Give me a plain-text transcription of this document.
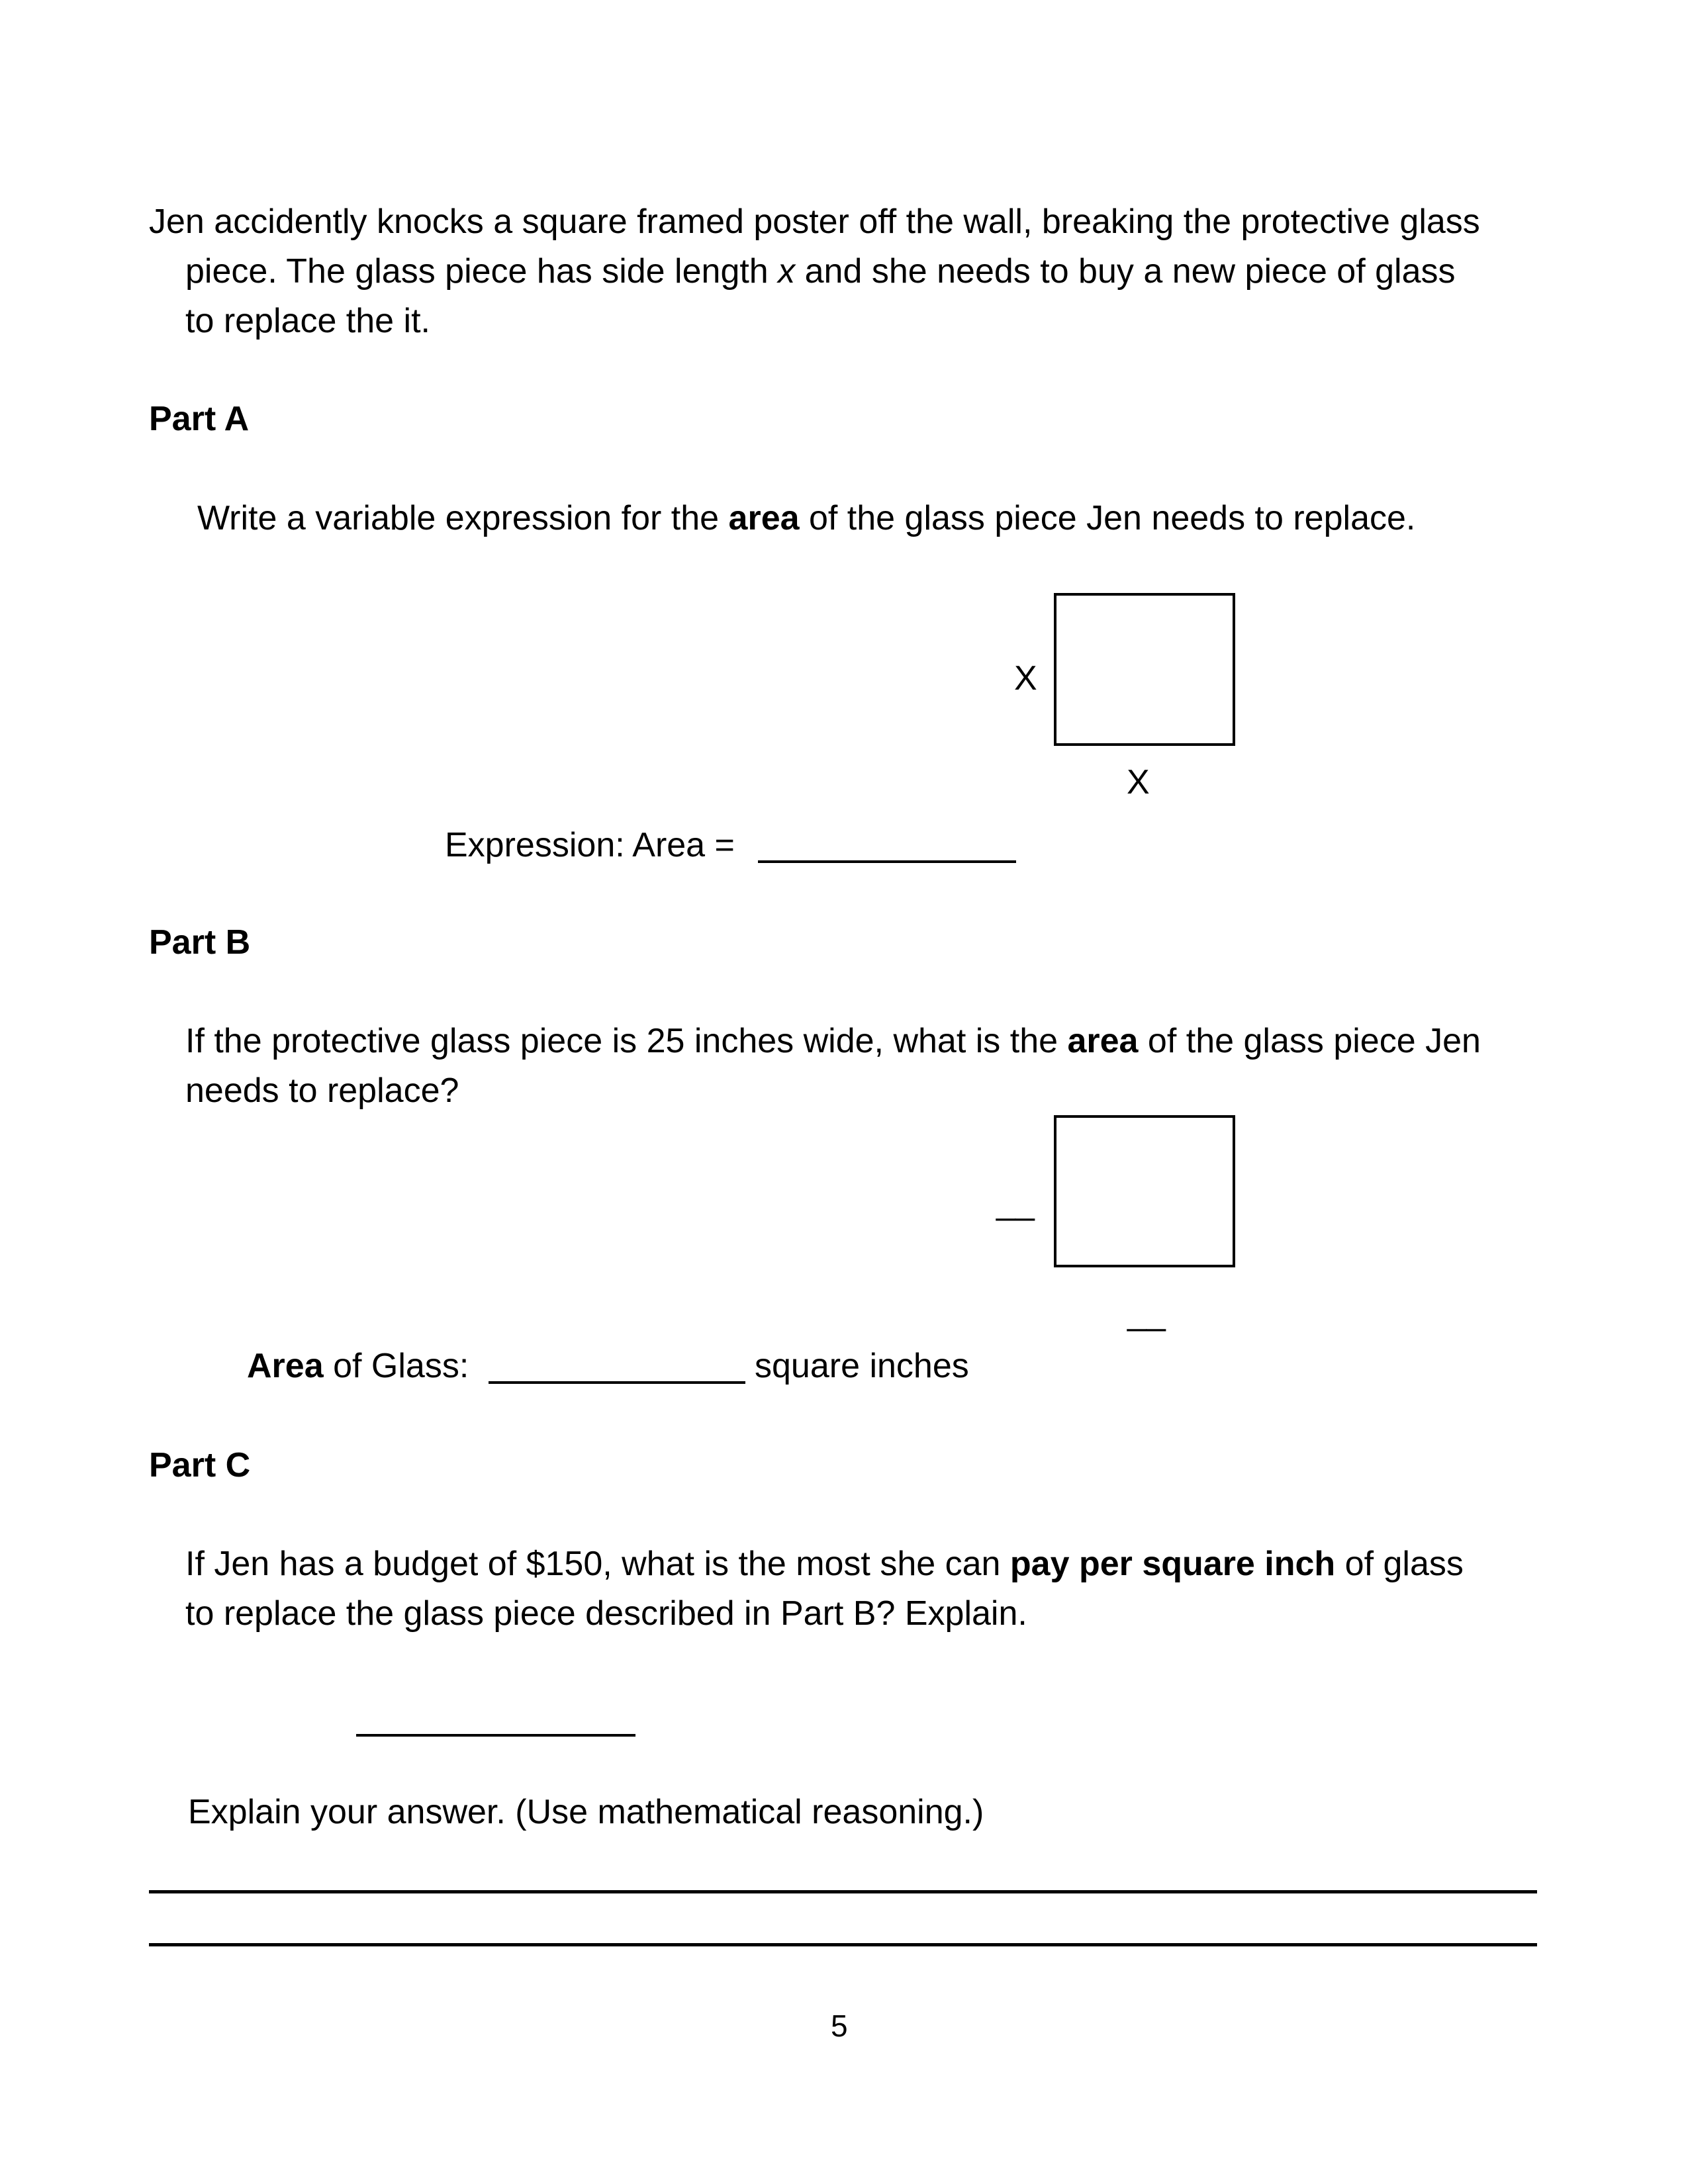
Jen accidently knocks a square framed poster off the wall, breaking the protective glass
piece. The glass piece has side length x and she needs to buy a new piece of glass
to replace the it.
Part A
Write a variable expression for the area of the glass piece Jen needs to replace.
X
X
Expression: Area =
Part B
If the protective glass piece is 25 inches wide, what is the area of the glass piece Jen
needs to replace?
__
__
Area of Glass:	square inches
Part C
If Jen has a budget of $150, what is the most she can pay per square inch of glass
to replace the glass piece described in Part B? Explain.
Explain your answer. (Use mathematical reasoning.)
5
